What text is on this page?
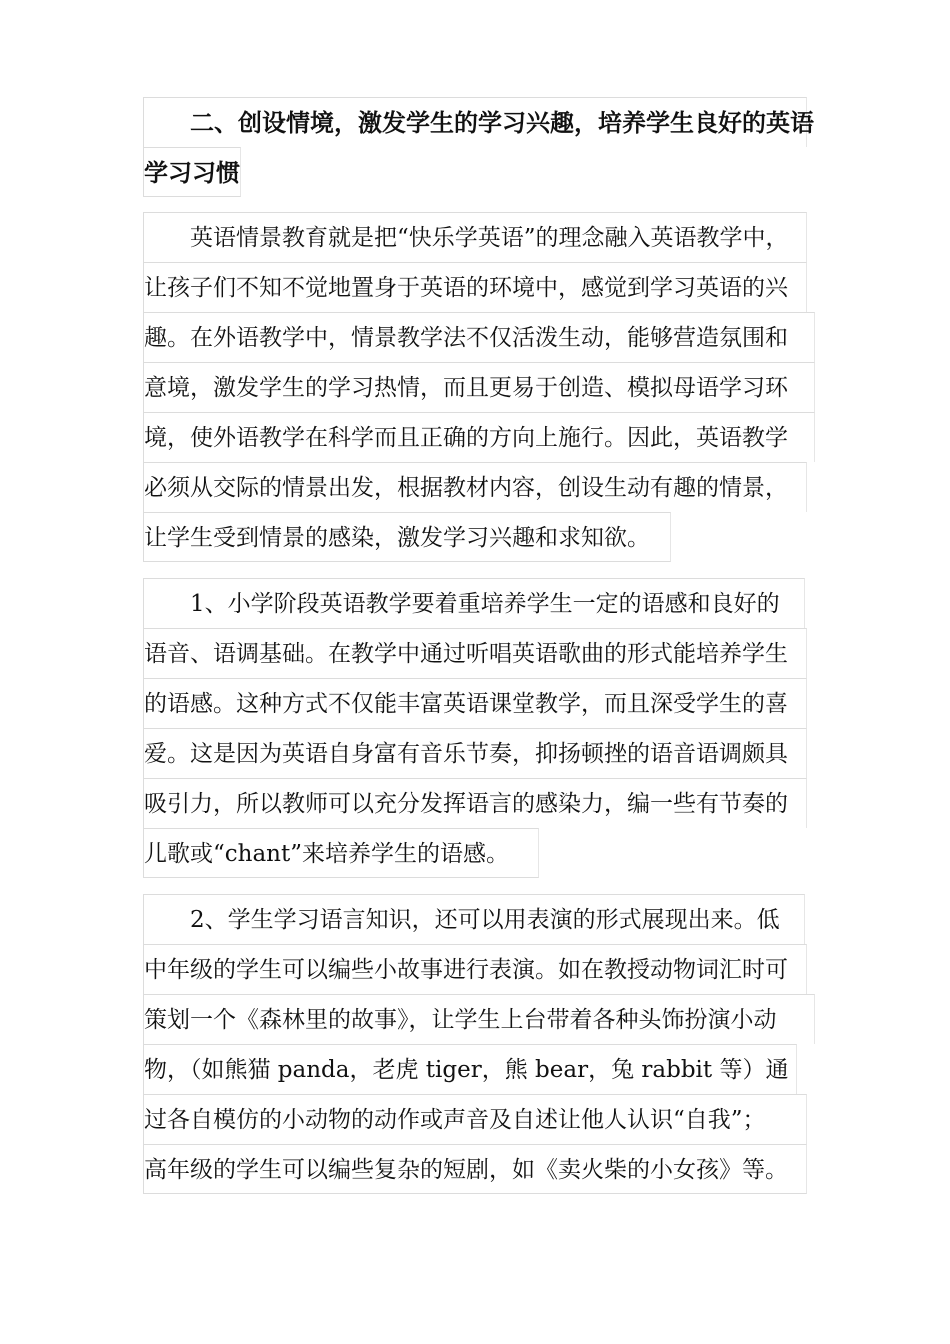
二、创设情境，激发学生的学习兴趣，培养学生良好的英语
学习习惯
英语情景教育就是把“快乐学英语”的理念融入英语教学中，
让孩子们不知不觉地置身于英语的环境中，感觉到学习英语的兴
趣。在外语教学中，情景教学法不仅活泼生动，能够营造氛围和
意境，激发学生的学习热情，而且更易于创造、模拟母语学习环
境，使外语教学在科学而且正确的方向上施行。因此，英语教学
必须从交际的情景出发，根据教材内容，创设生动有趣的情景，
让学生受到情景的感染，激发学习兴趣和求知欲。
1、小学阶段英语教学要着重培养学生一定的语感和良好的
语音、语调基础。在教学中通过听唱英语歌曲的形式能培养学生
的语感。这种方式不仅能丰富英语课堂教学，而且深受学生的喜
爱。这是因为英语自身富有音乐节奏，抑扬顿挫的语音语调颇具
吸引力，所以教师可以充分发挥语言的感染力，编一些有节奏的
儿歌或“chant”来培养学生的语感。
2、学生学习语言知识，还可以用表演的形式展现出来。低
中年级的学生可以编些小故事进行表演。如在教授动物词汇时可
策划一个《森林里的故事》，让学生上台带着各种头饰扮演小动
物，（如熊猫 panda，老虎 tiger，熊 bear，兔 rabbit 等）通
过各自模仿的小动物的动作或声音及自述让他人认识“自我”；
高年级的学生可以编些复杂的短剧，如《卖火柴的小女孩》等。
